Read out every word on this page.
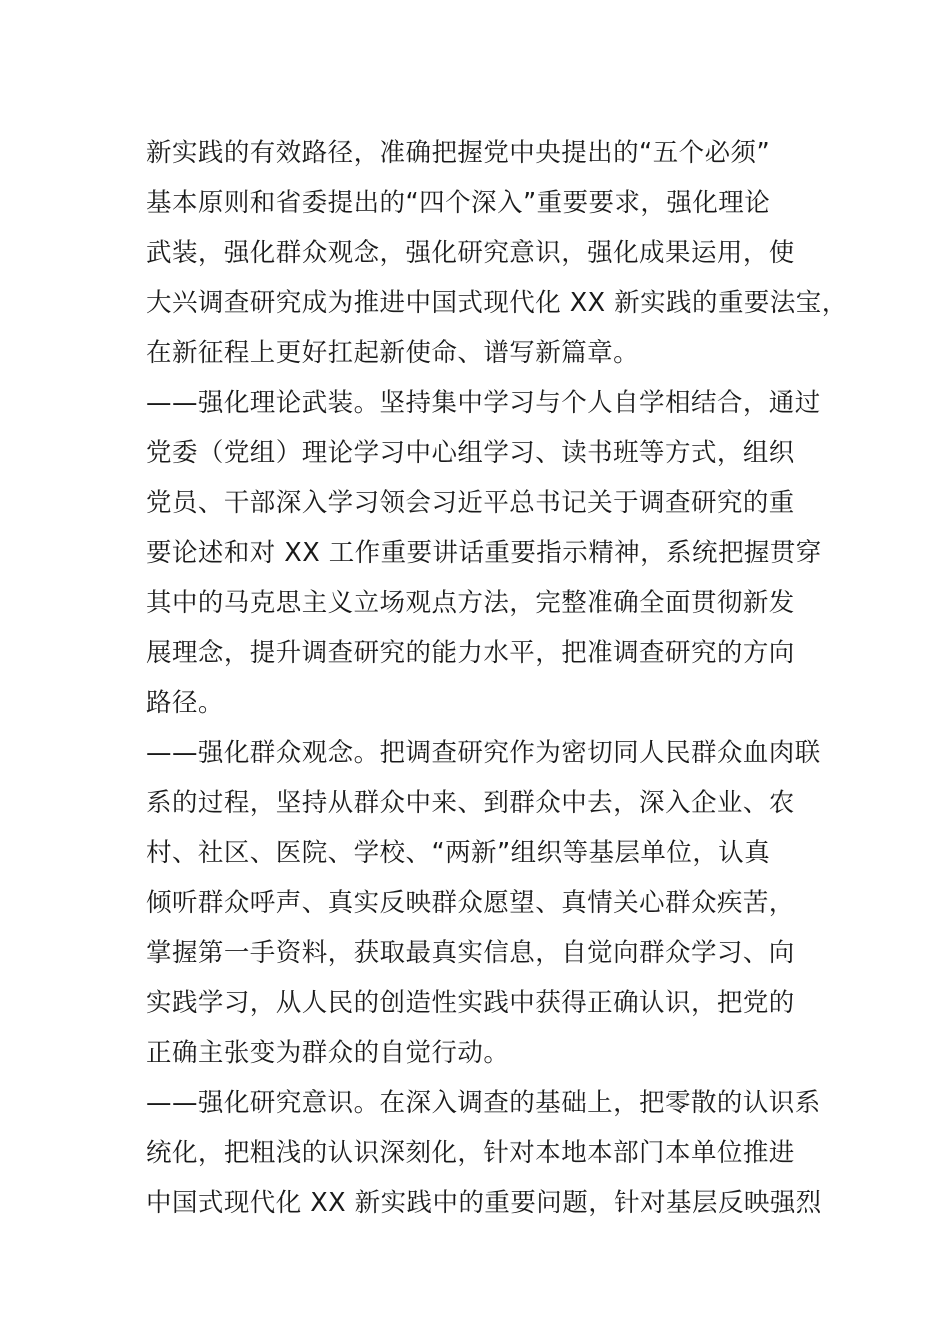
新实践的有效路径，准确把握党中央提出的“五个必须”
基本原则和省委提出的“四个深入”重要要求，强化理论
武装，强化群众观念，强化研究意识，强化成果运用，使
大兴调查研究成为推进中国式现代化 XX 新实践的重要法宝，
在新征程上更好扛起新使命、谱写新篇章。
——强化理论武装。坚持集中学习与个人自学相结合，通过
党委（党组）理论学习中心组学习、读书班等方式，组织
党员、干部深入学习领会习近平总书记关于调查研究的重
要论述和对 XX 工作重要讲话重要指示精神，系统把握贯穿
其中的马克思主义立场观点方法，完整准确全面贯彻新发
展理念，提升调查研究的能力水平，把准调查研究的方向
路径。
——强化群众观念。把调查研究作为密切同人民群众血肉联
系的过程，坚持从群众中来、到群众中去，深入企业、农
村、社区、医院、学校、“两新”组织等基层单位，认真
倾听群众呼声、真实反映群众愿望、真情关心群众疾苦，
掌握第一手资料，获取最真实信息，自觉向群众学习、向
实践学习，从人民的创造性实践中获得正确认识，把党的
正确主张变为群众的自觉行动。
——强化研究意识。在深入调查的基础上，把零散的认识系
统化，把粗浅的认识深刻化，针对本地本部门本单位推进
中国式现代化 XX 新实践中的重要问题，针对基层反映强烈
